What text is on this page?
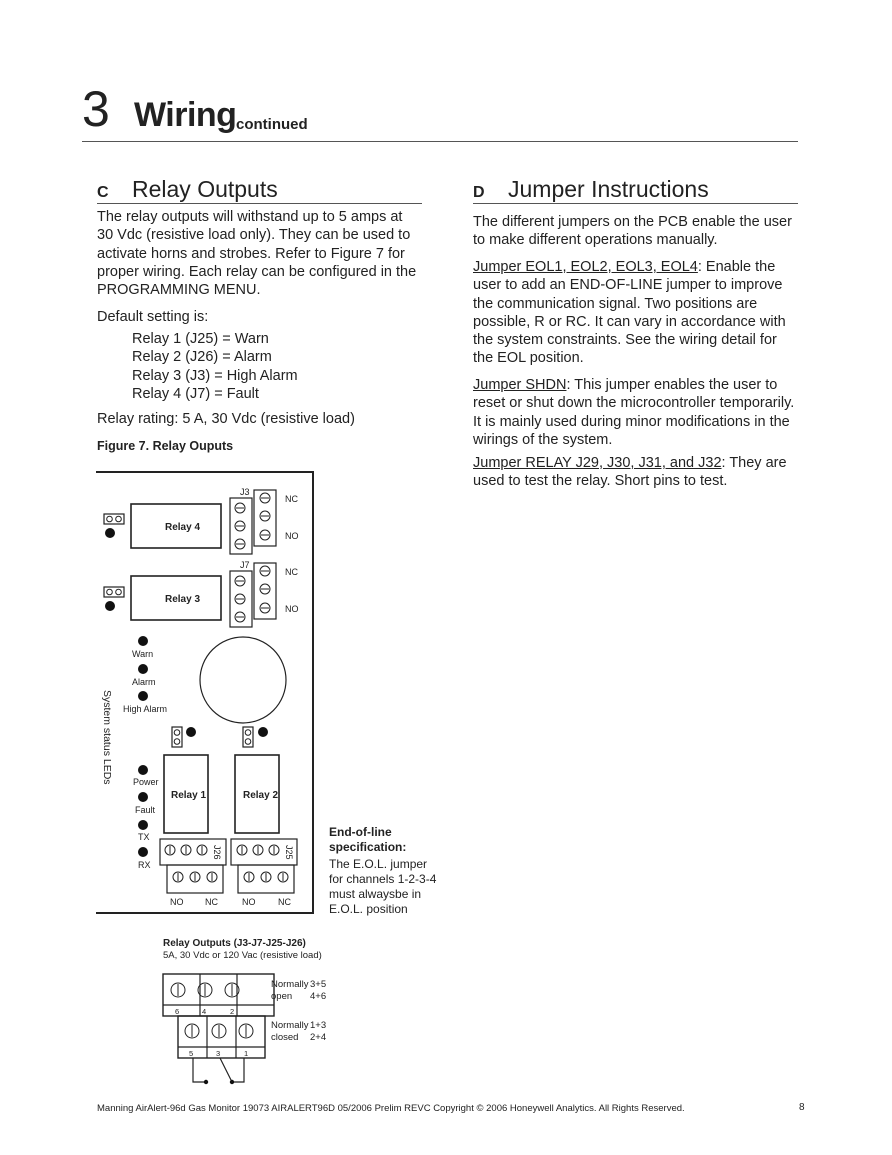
3 Wiring continued
C Relay Outputs
The relay outputs will withstand up to 5 amps at
30 Vdc (resistive load only). They can be used to
activate horns and strobes. Refer to Figure 7 for
proper wiring. Each relay can be configured in the
PROGRAMMING MENU.
Default setting is:
Relay 1 (J25) = Warn
Relay 2 (J26) = Alarm
Relay 3 (J3) = High Alarm
Relay 4 (J7) = Fault
Relay rating: 5 A, 30 Vdc (resistive load)
Figure 7. Relay Ouputs
D Jumper Instructions
The different jumpers on the PCB enable the user
to make different operations manually.
Jumper EOL1, EOL2, EOL3, EOL4: Enable the
user to add an END-OF-LINE jumper to improve
the communication signal. Two positions are
possible, R or RC. It can vary in accordance with
the system constraints. See the wiring detail for
the EOL position.
Jumper SHDN: This jumper enables the user to
reset or shut down the microcontroller temporarily.
It is mainly used during minor modifications in the
wirings of the system.
Jumper RELAY J29, J30, J31, and J32: They are
used to test the relay. Short pins to test.
Relay 4
Relay 3
Relay 1	Relay 2
J3
J7
NC
NO
NC
NO
Warn
Alarm
High Alarm
Power
Fault
TX
RX
J26	J25
NO NC	NO	NC
System status LEDs
Relay Outputs (J3-J7-J25-J26)
5A, 30 Vdc or 120 Vac (resistive load)
6	4	2
5	3	1
Normally
open
3+5
4+6
Normally
closed
1+3
2+4
End-of-line
specification:
The E.O.L. jumper
for channels 1-2-3-4
must alwaysbe in
E.O.L. position
Manning AirAlert-96d Gas Monitor 19073 AIRALERT96D 05/2006 Prelim REVC Copyright © 2006 Honeywell Analytics. All Rights Reserved.	8
